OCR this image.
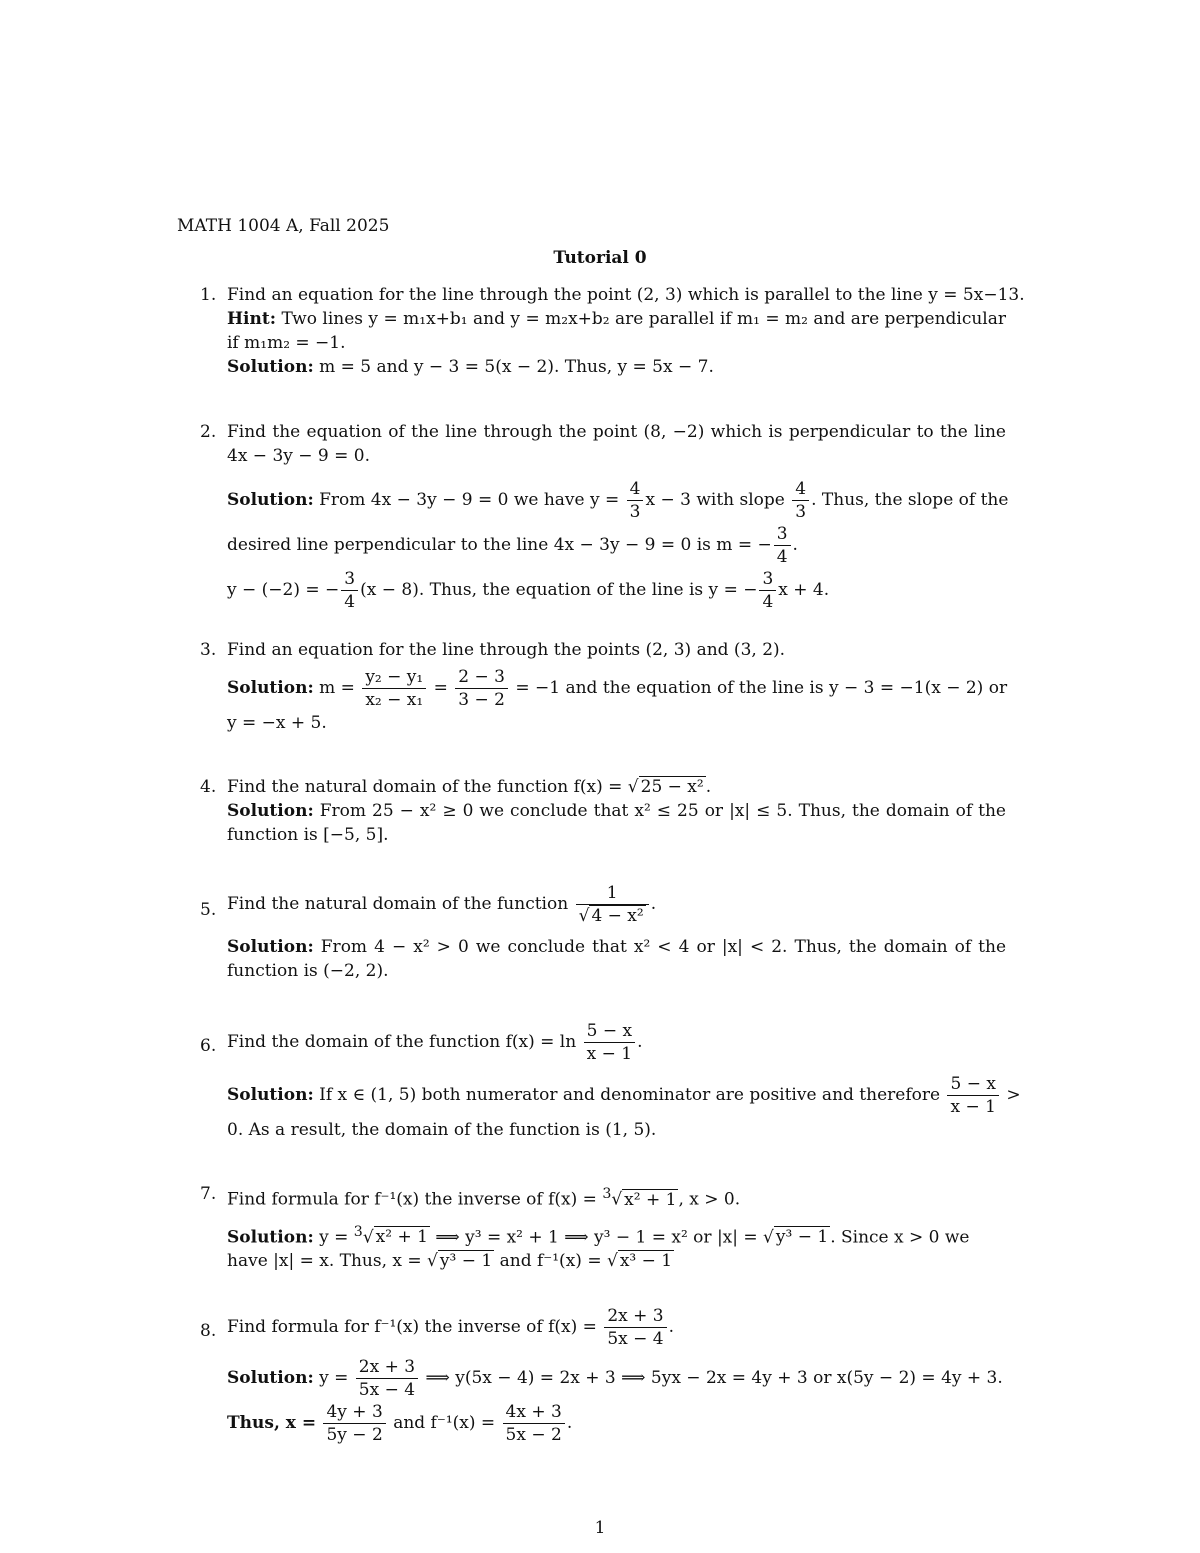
MATH 1004 A, Fall 2025
Tutorial 0
1. Find an equation for the line through the point (2, 3) which is parallel to the line y = 5x−13.
Hint: Two lines y = m₁x+b₁ and y = m₂x+b₂ are parallel if m₁ = m₂ and are perpendicular if m₁m₂ = −1.
Solution: m = 5 and y − 3 = 5(x − 2). Thus, y = 5x − 7.
2. Find the equation of the line through the point (8, −2) which is perpendicular to the line 4x − 3y − 9 = 0.
Solution: From 4x − 3y − 9 = 0 we have $y = \frac{4}{3}$ x − 3 with slope $\frac{4}{3}$ . Thus, the slope of the
desired line perpendicular to the line 4x − 3y − 9 = 0 is m = − $\frac{3}{4}$ .
y − (−2) = − $\frac{3}{4} (x - 8)$. Thus, the equation of the line is y = − $\frac{3}{4}$ x + 4.
3. Find an equation for the line through the points (2, 3) and (3, 2).
Solution: $m = \frac{\text{y₂ − y₁}}{\text{x₂ − x₁}} = \frac{2 - 3}{3 - 2} = -1$ and the equation of the line is y − 3 = −1(x − 2) or
y = −x + 5.
4. Find the natural domain of the function f(x) = √ 25 − x² .
Solution: From 25 − x² ≥ 0 we conclude that x² ≤ 25 or |x| ≤ 5. Thus, the domain of the function is [−5, 5].
5. Find the natural domain of the function $\frac{1}{\text{√ 4 − x²}}$ .
Solution: From 4 − x² > 0 we conclude that x² < 4 or |x| < 2. Thus, the domain of the function is (−2, 2).
6. Find the domain of the function $f(x) = \ln \frac{5 - x}{x - 1}$ .
Solution: If x ∈ (1, 5) both numerator and denominator are positive and therefore $\frac{5 - x}{x - 1}$ >
0. As a result, the domain of the function is (1, 5).
7. Find formula for f⁻¹(x) the inverse of f(x) = $^3$√ x² + 1 , x > 0.
Solution: y = $^3$√ x² + 1 ⟹ y³ = x² + 1 ⟹ y³ − 1 = x² or |x| = √ y³ − 1 . Since x > 0 we
have |x| = x. Thus, x = √ y³ − 1 and f⁻¹(x) = √ x³ − 1
8. Find formula for f⁻¹(x) the inverse of $f(x) = \frac{2x + 3}{5x - 4}$ .
Solution: $y = \frac{2x + 3}{5x - 4}$ ⟹ y(5x − 4) = 2x + 3 ⟹ 5yx − 2x = 4y + 3 or x(5y − 2) = 4y + 3.
Thus, $x = \frac{4y + 3}{5y - 2}$ and $f^{-1}(x) = \frac{4x + 3}{5x - 2}$ .
1
